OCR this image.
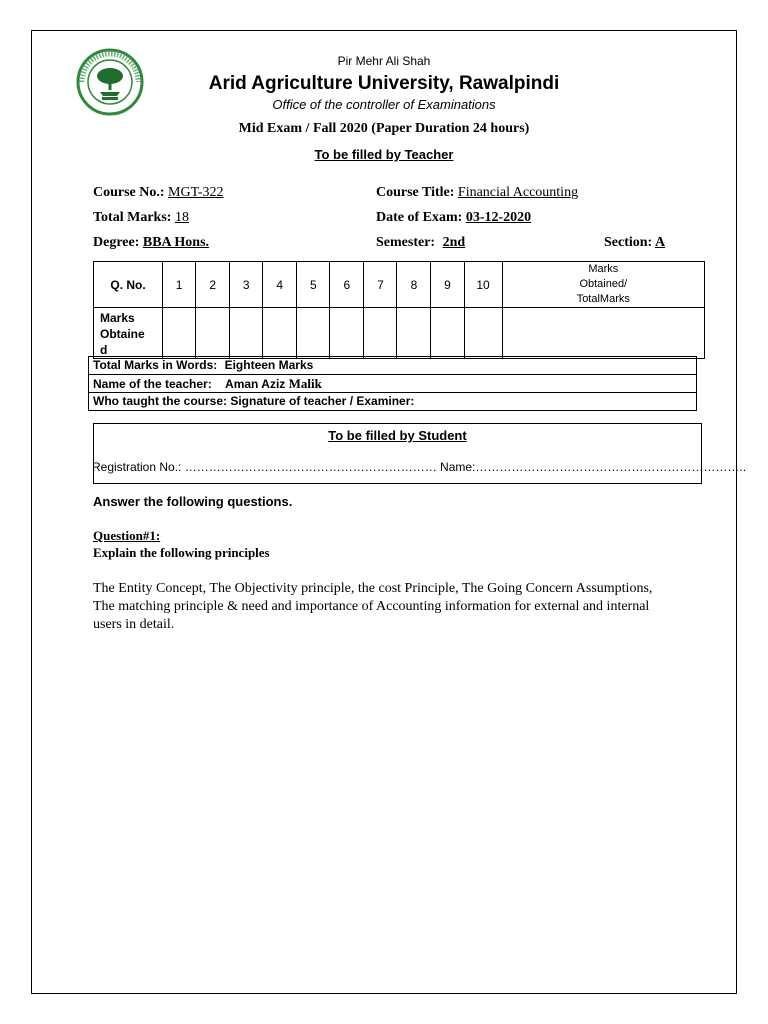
Pir Mehr Ali Shah
Arid Agriculture University, Rawalpindi
Office of the controller of Examinations
Mid Exam / Fall 2020 (Paper Duration 24 hours)
To be filled by Teacher
Course No.: MGT-322	Course Title: Financial Accounting
Total Marks: 18	Date of Exam: 03-12-2020
Degree: BBA Hons.	Semester: 2nd	Section: A
Q. No.	1	2	3	4	5	6	7	8	9	10	Marks
Obtained/
TotalMarks

Marks
Obtaine
d											

Total Marks in Words: Eighteen Marks
Name of the teacher: Aman Aziz Malik
Who taught the course: Signature of teacher / Examiner:
To be filled by Student
Registration No.: ……………………………………………………… Name:…………………………………………………………..
Answer the following questions.
Question#1:
Explain the following principles
The Entity Concept, The Objectivity principle, the cost Principle, The Going Concern Assumptions,
The matching principle & need and importance of Accounting information for external and internal
users in detail.
